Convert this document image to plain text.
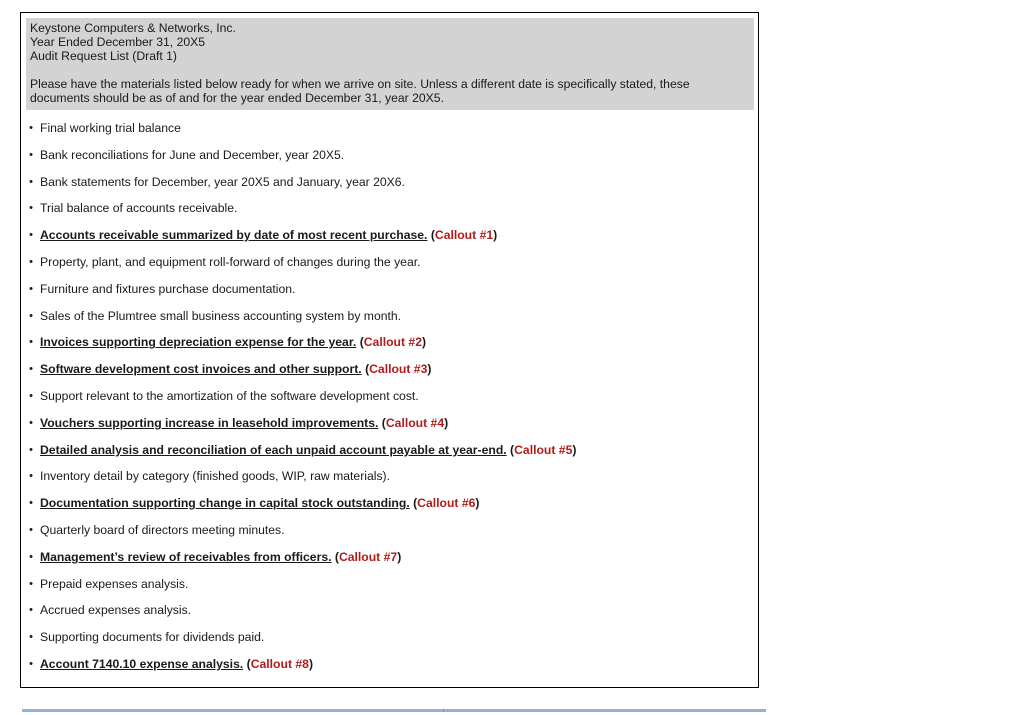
Keystone Computers & Networks, Inc.
Year Ended December 31, 20X5
Audit Request List (Draft 1)
Please have the materials listed below ready for when we arrive on site. Unless a different date is specifically stated, these documents should be as of and for the year ended December 31, year 20X5.
• Final working trial balance
• Bank reconciliations for June and December, year 20X5.
• Bank statements for December, year 20X5 and January, year 20X6.
• Trial balance of accounts receivable.
• Accounts receivable summarized by date of most recent purchase. (Callout #1)
• Property, plant, and equipment roll-forward of changes during the year.
• Furniture and fixtures purchase documentation.
• Sales of the Plumtree small business accounting system by month.
• Invoices supporting depreciation expense for the year. (Callout #2)
• Software development cost invoices and other support. (Callout #3)
• Support relevant to the amortization of the software development cost.
• Vouchers supporting increase in leasehold improvements. (Callout #4)
• Detailed analysis and reconciliation of each unpaid account payable at year-end. (Callout #5)
• Inventory detail by category (finished goods, WIP, raw materials).
• Documentation supporting change in capital stock outstanding. (Callout #6)
• Quarterly board of directors meeting minutes.
• Management’s review of receivables from officers. (Callout #7)
• Prepaid expenses analysis.
• Accrued expenses analysis.
• Supporting documents for dividends paid.
• Account 7140.10 expense analysis. (Callout #8)
